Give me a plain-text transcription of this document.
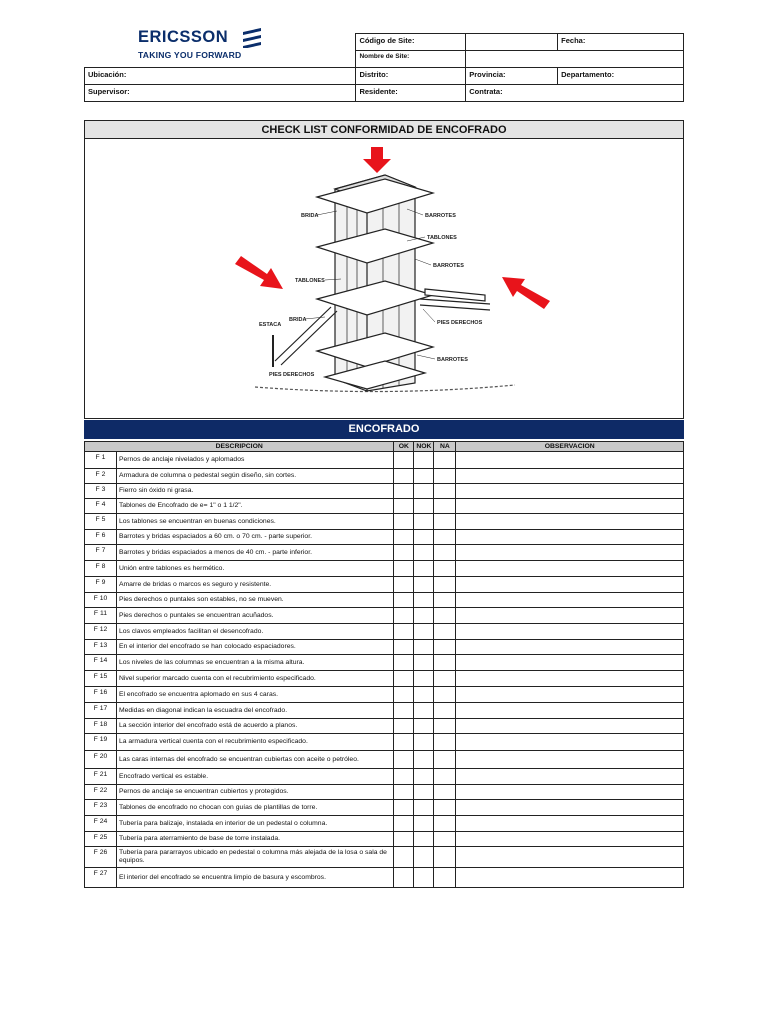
ERICSSON
TAKING YOU FORWARD
	Código de Site:		Fecha:
	Nombre de Site:		
Ubicación:	Distrito:	Provincia:	Departamento:
Supervisor:	Residente:	Contrata:	
CHECK LIST CONFORMIDAD DE ENCOFRADO
BRIDA	BARROTES
TABLONES
BARROTES
TABLONES
BRIDA
ESTACA	PIES DERECHOS
BARROTES
PIES DERECHOS
ENCOFRADO
DESCRIPCION		OK	NOK	NA	OBSERVACION
F 1	Pernos de anclaje nivelados y aplomados				
F 2	Armadura de columna o pedestal según diseño, sin cortes.				
F 3	Fierro sin óxido ni grasa.				
F 4	Tablones de Encofrado de e= 1" o 1 1/2".				
F 5	Los tablones se encuentran en buenas condiciones.				
F 6	Barrotes y bridas espaciados a 60 cm. o 70 cm. - parte superior.				
F 7	Barrotes y bridas espaciados a menos de 40 cm. - parte inferior.				
F 8	Unión entre tablones es hermético.				
F 9	Amarre de bridas o marcos es seguro y resistente.				
F 10	Pies derechos o puntales son estables, no se mueven.				
F 11	Pies derechos o puntales se encuentran acuñados.				
F 12	Los clavos empleados facilitan el desencofrado.				
F 13	En el interior del encofrado se han colocado espaciadores.				
F 14	Los niveles de las columnas se encuentran a la misma altura.				
F 15	Nivel superior marcado cuenta con el recubrimiento especificado.				
F 16	El encofrado se encuentra aplomado en sus 4 caras.				
F 17	Medidas en diagonal indican la escuadra del encofrado.				
F 18	La sección interior del encofrado está de acuerdo a planos.				
F 19	La armadura vertical cuenta con el recubrimiento especificado.				
F 20	Las caras internas del encofrado se encuentran cubiertas con aceite o petróleo.				
F 21	Encofrado vertical es estable.				
F 22	Pernos de anclaje se encuentran cubiertos y protegidos.				
F 23	Tablones de encofrado no chocan con guías de plantillas de torre.				
F 24	Tubería para balizaje, instalada en interior de un pedestal o columna.				
F 25	Tubería para aterramiento de base de torre instalada.				
F 26	Tubería para pararrayos ubicado en pedestal o columna más alejada de la losa o sala de equipos.				
F 27	El interior del encofrado se encuentra limpio de basura y escombros.				
